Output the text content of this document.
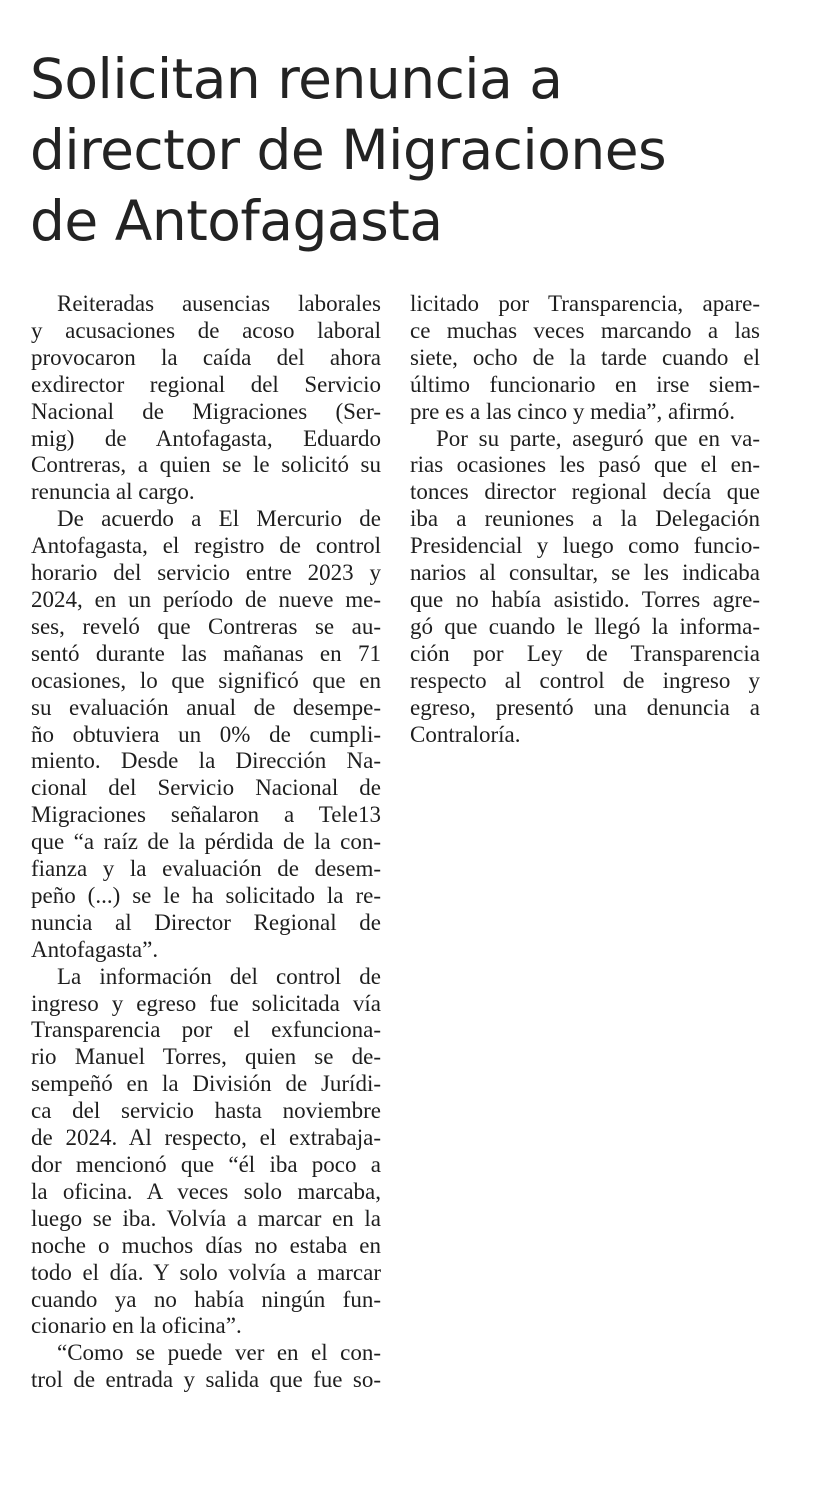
Solicitan renuncia a
director de Migraciones
de Antofagasta
Reiteradas ausencias laborales
y acusaciones de acoso laboral
provocaron la caída del ahora
exdirector regional del Servicio
Nacional de Migraciones (Ser-
mig) de Antofagasta, Eduardo
Contreras, a quien se le solicitó su
renuncia al cargo.
De acuerdo a El Mercurio de
Antofagasta, el registro de control
horario del servicio entre 2023 y
2024, en un período de nueve me-
ses, reveló que Contreras se au-
sentó durante las mañanas en 71
ocasiones, lo que significó que en
su evaluación anual de desempe-
ño obtuviera un 0% de cumpli-
miento. Desde la Dirección Na-
cional del Servicio Nacional de
Migraciones señalaron a Tele13
que “a raíz de la pérdida de la con-
fianza y la evaluación de desem-
peño (...) se le ha solicitado la re-
nuncia al Director Regional de
Antofagasta”.
La información del control de
ingreso y egreso fue solicitada vía
Transparencia por el exfunciona-
rio Manuel Torres, quien se de-
sempeñó en la División de Jurídi-
ca del servicio hasta noviembre
de 2024. Al respecto, el extrabaja-
dor mencionó que “él iba poco a
la oficina. A veces solo marcaba,
luego se iba. Volvía a marcar en la
noche o muchos días no estaba en
todo el día. Y solo volvía a marcar
cuando ya no había ningún fun-
cionario en la oficina”.
“Como se puede ver en el con-
trol de entrada y salida que fue so-
licitado por Transparencia, apare-
ce muchas veces marcando a las
siete, ocho de la tarde cuando el
último funcionario en irse siem-
pre es a las cinco y media”, afirmó.
Por su parte, aseguró que en va-
rias ocasiones les pasó que el en-
tonces director regional decía que
iba a reuniones a la Delegación
Presidencial y luego como funcio-
narios al consultar, se les indicaba
que no había asistido. Torres agre-
gó que cuando le llegó la informa-
ción por Ley de Transparencia
respecto al control de ingreso y
egreso, presentó una denuncia a
Contraloría.
